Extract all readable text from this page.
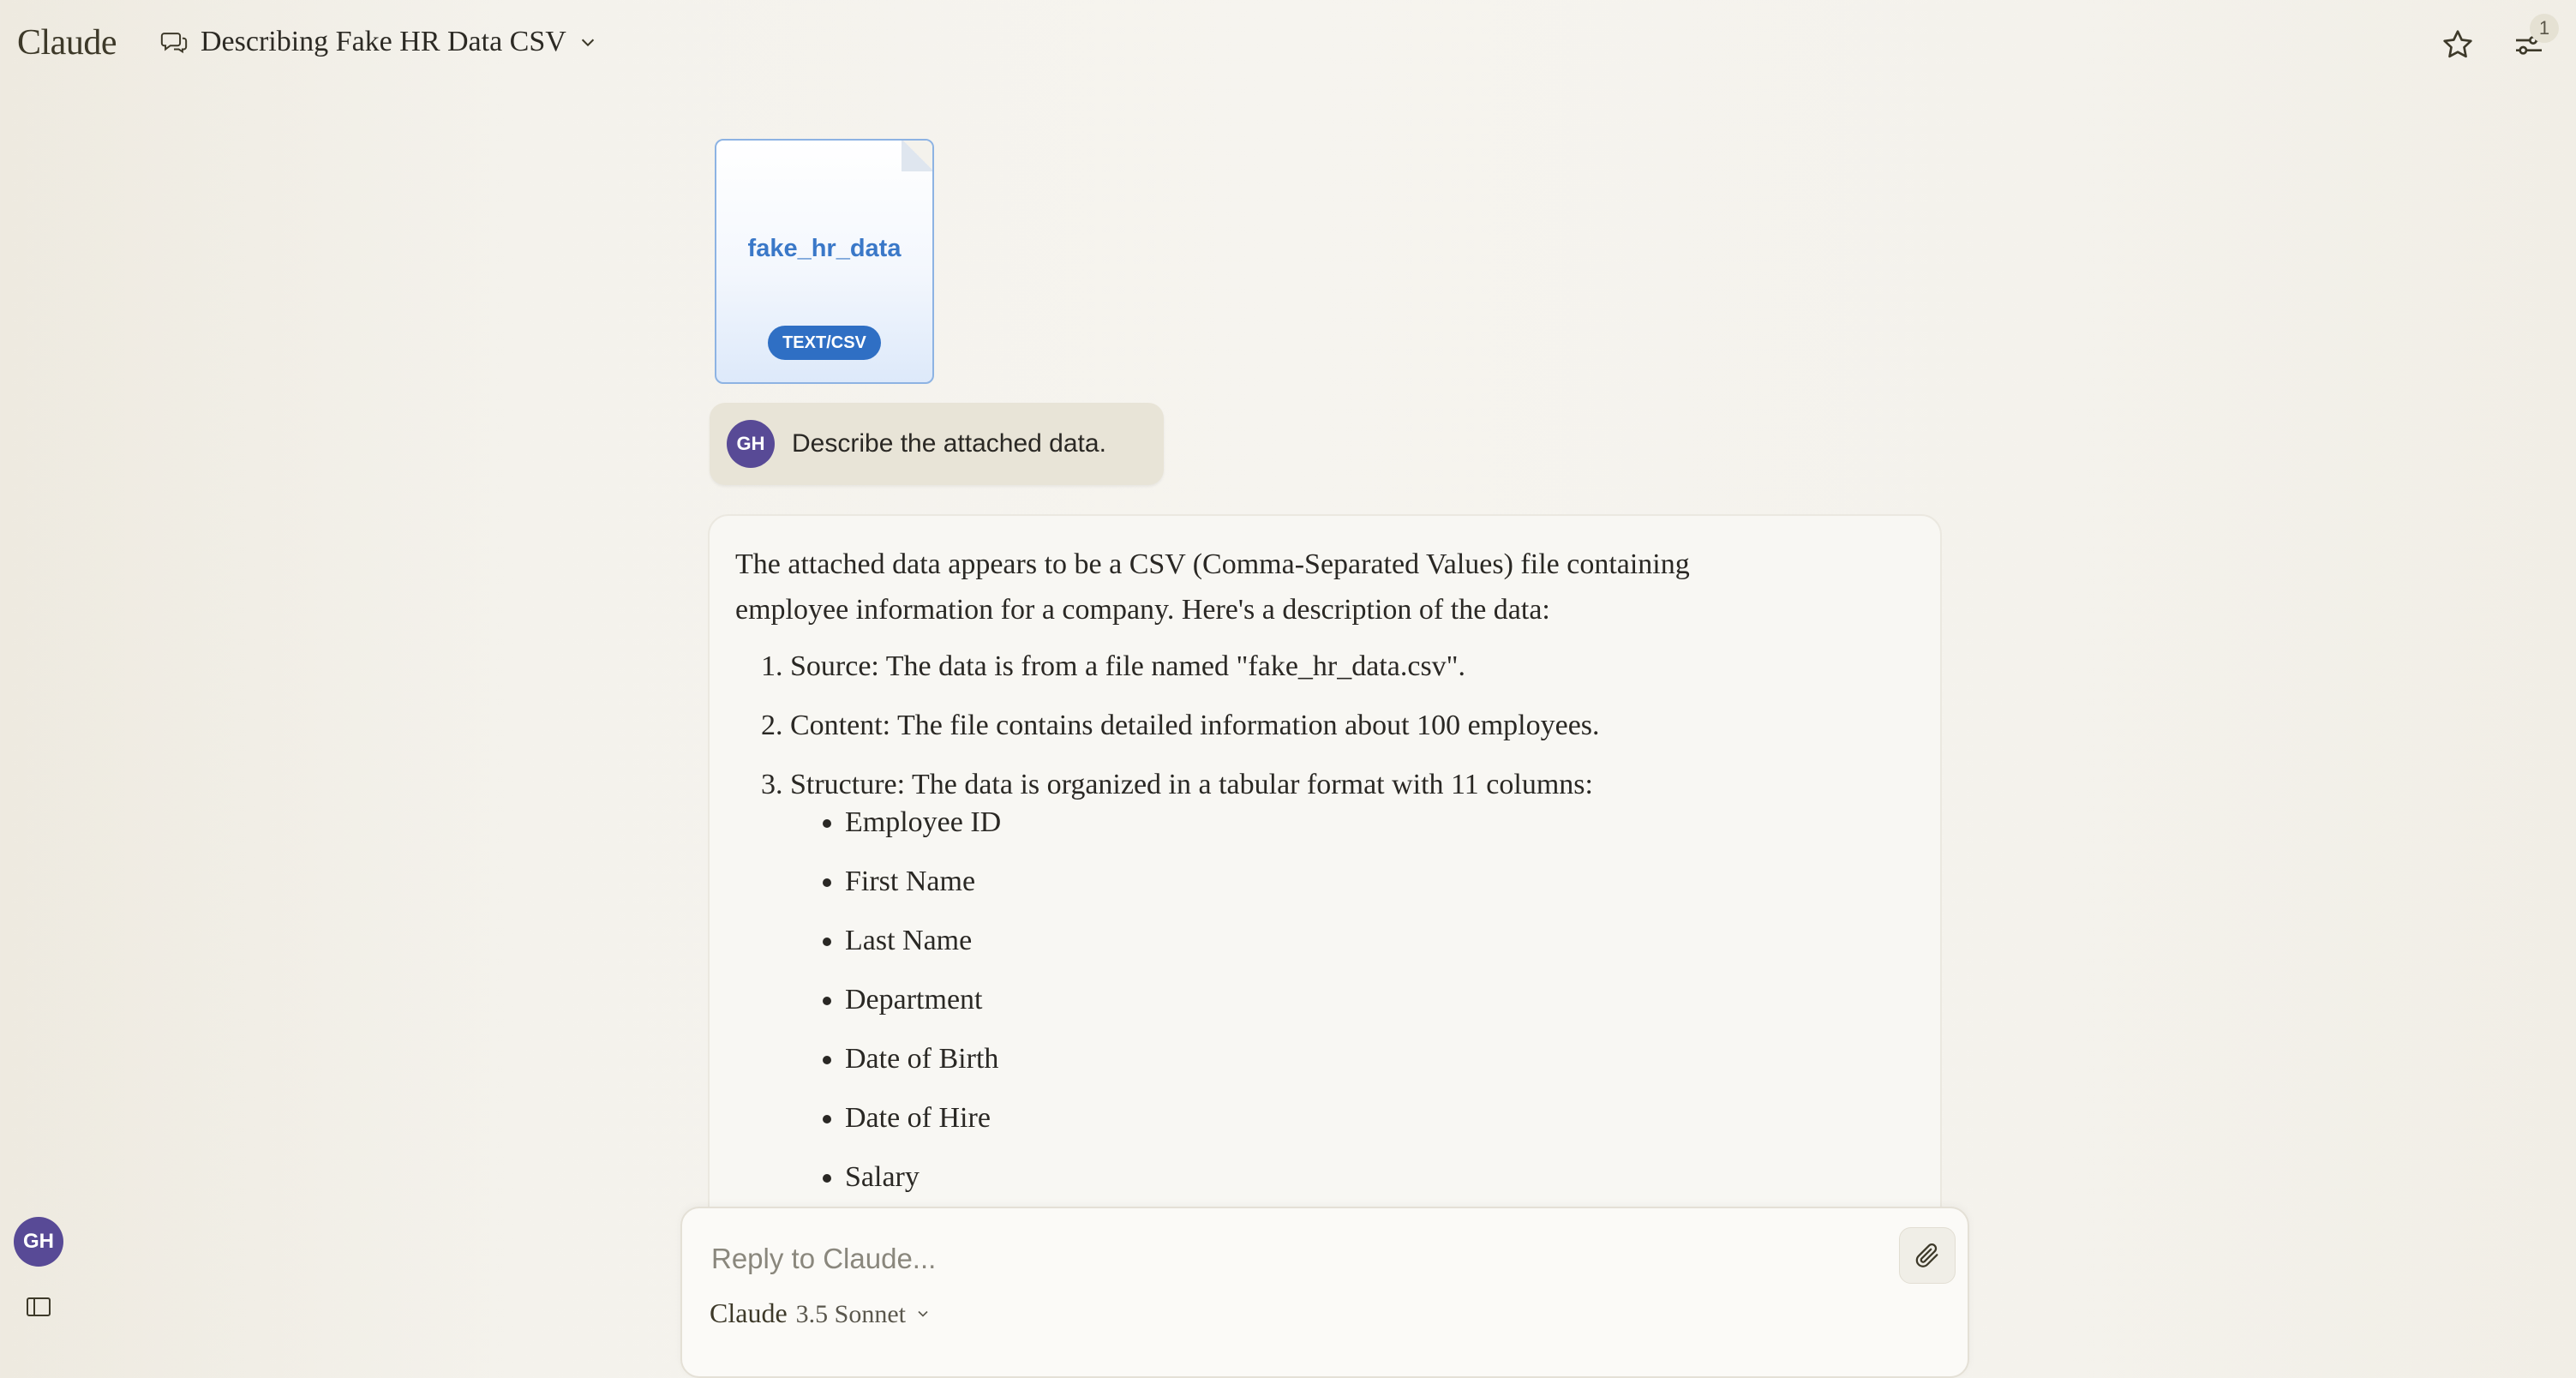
Claude	Describing Fake HR Data CSV	1
fake_hr_data
TEXT/CSV
GH	Describe the attached data.

The attached data appears to be a CSV (Comma-Separated Values) file containing employee information for a company. Here's a description of the data:

1. Source: The data is from a file named "fake_hr_data.csv".
2. Content: The file contains detailed information about 100 employees.
3. Structure: The data is organized in a tabular format with 11 columns:
• Employee ID
• First Name
• Last Name
• Department
• Date of Birth
• Date of Hire
• Salary
Reply to Claude...
Claude 3.5 Sonnet
GH
